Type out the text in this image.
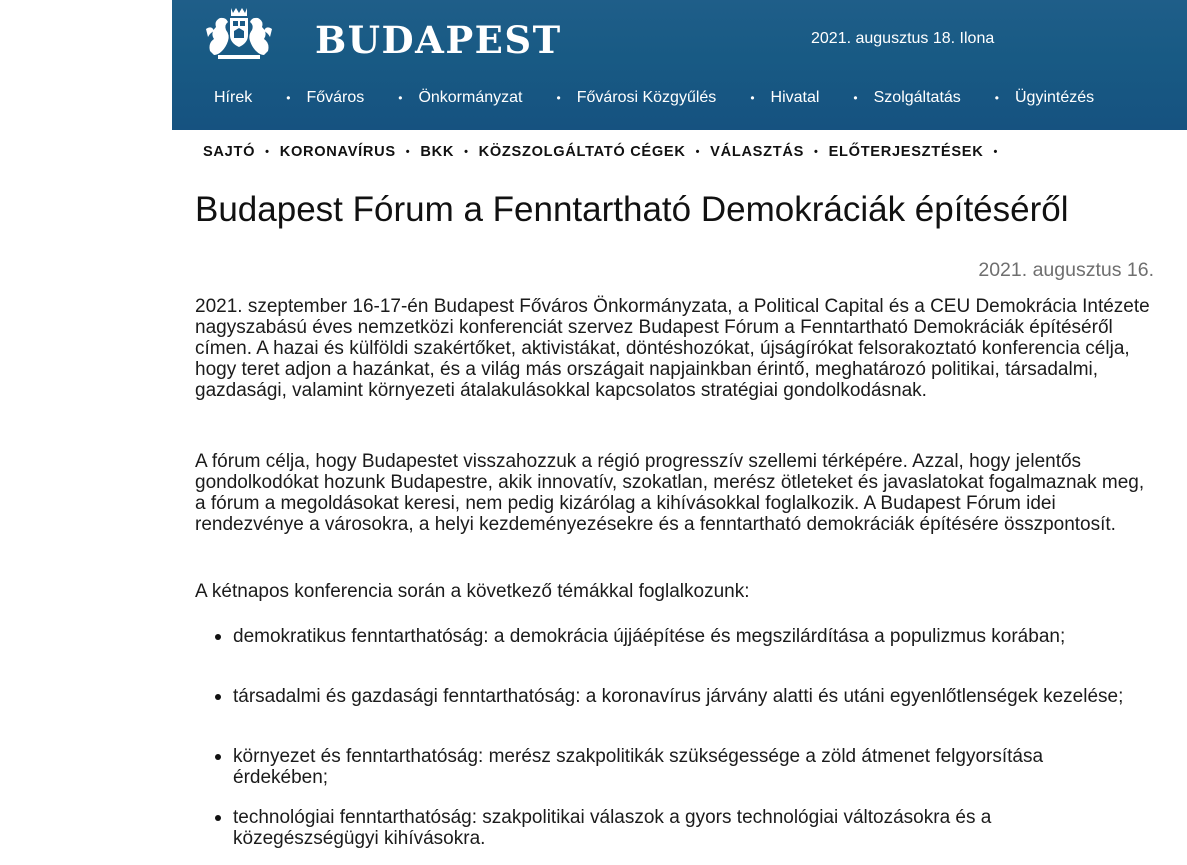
BUDAPEST	2021. augusztus 18. Ilona
Hírek	• Főváros	• Önkormányzat	• Fővárosi Közgyűlés	• Hivatal	• Szolgáltatás	• Ügyintézés
SAJTÓ • KORONAVÍRUS • BKK • KÖZSZOLGÁLTATÓ CÉGEK • VÁLASZTÁS • ELŐTERJESZTÉSEK •
Budapest Fórum a Fenntartható Demokráciák építéséről
2021. augusztus 16.

2021. szeptember 16-17-én Budapest Főváros Önkormányzata, a Political Capital és a CEU Demokrácia Intézete nagyszabású éves nemzetközi konferenciát szervez Budapest Fórum a Fenntartható Demokráciák építéséről címen. A hazai és külföldi szakértőket, aktivistákat, döntéshozókat, újságírókat felsorakoztató konferencia célja, hogy teret adjon a hazánkat, és a világ más országait napjainkban érintő, meghatározó politikai, társadalmi, gazdasági, valamint környezeti átalakulásokkal kapcsolatos stratégiai gondolkodásnak.

A fórum célja, hogy Budapestet visszahozzuk a régió progresszív szellemi térképére. Azzal, hogy jelentős gondolkodókat hozunk Budapestre, akik innovatív, szokatlan, merész ötleteket és javaslatokat fogalmaznak meg, a fórum a megoldásokat keresi, nem pedig kizárólag a kihívásokkal foglalkozik. A Budapest Fórum idei rendezvénye a városokra, a helyi kezdeményezésekre és a fenntartható demokráciák építésére összpontosít.

A kétnapos konferencia során a következő témákkal foglalkozunk:

demokratikus fenntarthatóság: a demokrácia újjáépítése és megszilárdítása a populizmus korában;
társadalmi és gazdasági fenntarthatóság: a koronavírus járvány alatti és utáni egyenlőtlenségek kezelése;
környezet és fenntarthatóság: merész szakpolitikák szükségessége a zöld átmenet felgyorsítása érdekében;
technológiai fenntarthatóság: szakpolitikai válaszok a gyors technológiai változásokra és a közegészségügyi kihívásokra.
